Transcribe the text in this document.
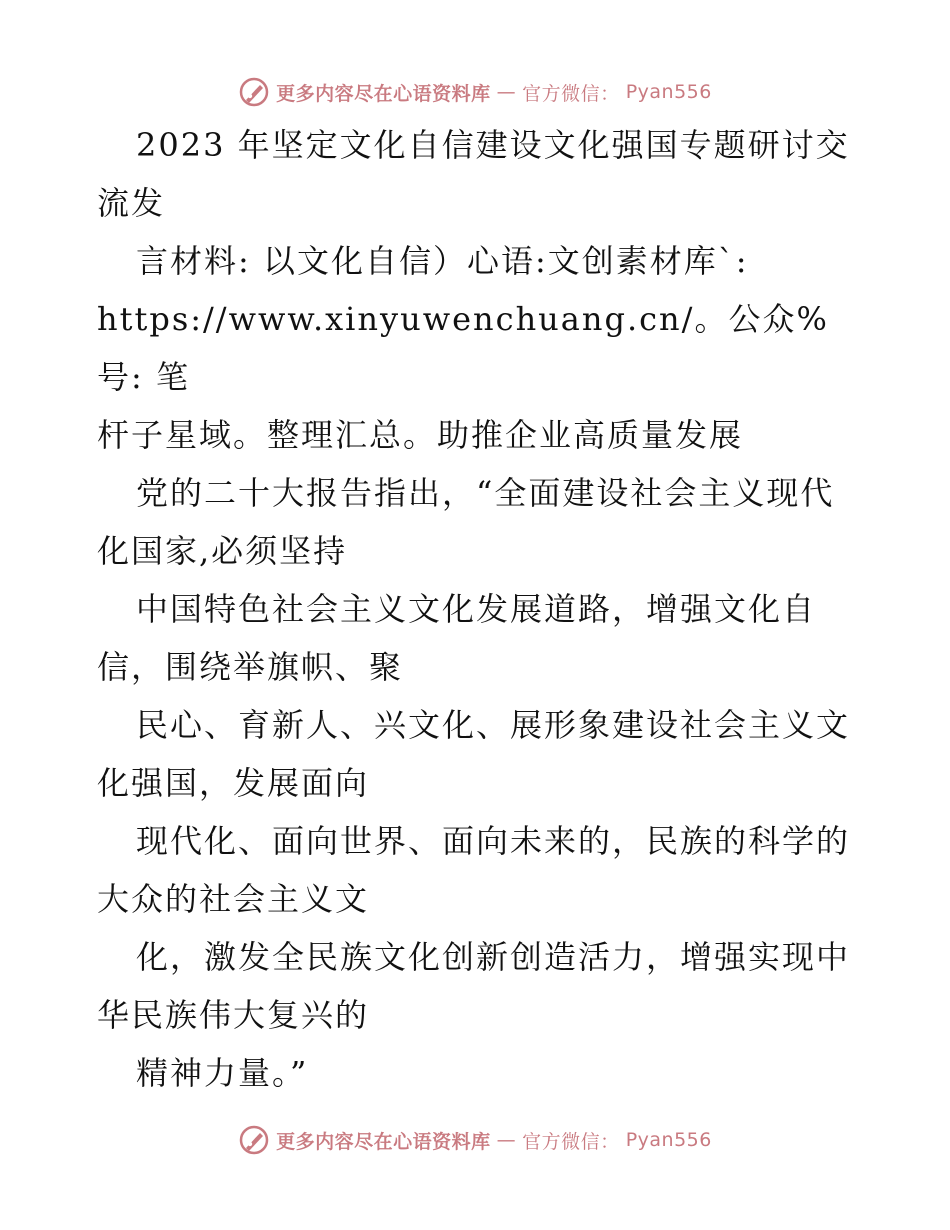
更多内容尽在心语资料库 — 官方微信： Pyan556

2023 年坚定文化自信建设文化强国专题研讨交
流发

言材料: 以文化自信）心语:文创素材库`:
https://www.xinyuwenchuang.cn/。公众%号: 笔
杆子星域。整理汇总。助推企业高质量发展

党的二十大报告指出，“全面建设社会主义现代
化国家,必须坚持

中国特色社会主义文化发展道路，增强文化自
信，围绕举旗帜、聚

民心、育新人、兴文化、展形象建设社会主义文
化强国，发展面向

现代化、面向世界、面向未来的，民族的科学的
大众的社会主义文

化，激发全民族文化创新创造活力，增强实现中
华民族伟大复兴的

精神力量。”

更多内容尽在心语资料库 — 官方微信： Pyan556
